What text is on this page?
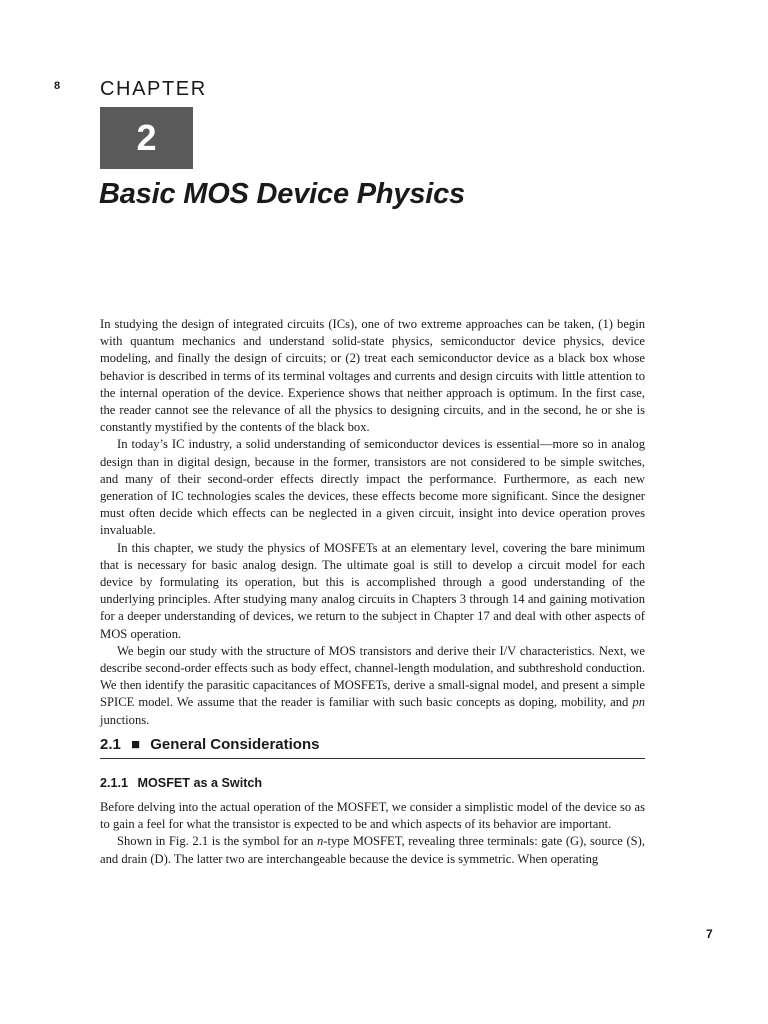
8 CHAPTER
2
Basic MOS Device Physics

In studying the design of integrated circuits (ICs), one of two extreme approaches can be taken, (1) begin with quantum mechanics and understand solid-state physics, semiconductor device physics, device modeling, and finally the design of circuits; or (2) treat each semiconductor device as a black box whose behavior is described in terms of its terminal voltages and currents and design circuits with little attention to the internal operation of the device. Experience shows that neither approach is optimum. In the first case, the reader cannot see the relevance of all the physics to designing circuits, and in the second, he or she is constantly mystified by the contents of the black box.

In today’s IC industry, a solid understanding of semiconductor devices is essential—more so in analog design than in digital design, because in the former, transistors are not considered to be simple switches, and many of their second-order effects directly impact the performance. Furthermore, as each new generation of IC technologies scales the devices, these effects become more significant. Since the designer must often decide which effects can be neglected in a given circuit, insight into device operation proves invaluable.

In this chapter, we study the physics of MOSFETs at an elementary level, covering the bare minimum that is necessary for basic analog design. The ultimate goal is still to develop a circuit model for each device by formulating its operation, but this is accomplished through a good understanding of the underlying principles. After studying many analog circuits in Chapters 3 through 14 and gaining motivation for a deeper understanding of devices, we return to the subject in Chapter 17 and deal with other aspects of MOS operation.

We begin our study with the structure of MOS transistors and derive their I/V characteristics. Next, we describe second-order effects such as body effect, channel-length modulation, and subthreshold conduction. We then identify the parasitic capacitances of MOSFETs, derive a small-signal model, and present a simple SPICE model. We assume that the reader is familiar with such basic concepts as doping, mobility, and pn junctions.

2.1 ■ General Considerations
2.1.1 MOSFET as a Switch

Before delving into the actual operation of the MOSFET, we consider a simplistic model of the device so as to gain a feel for what the transistor is expected to be and which aspects of its behavior are important.

Shown in Fig. 2.1 is the symbol for an n-type MOSFET, revealing three terminals: gate (G), source (S), and drain (D). The latter two are interchangeable because the device is symmetric. When operating

7
